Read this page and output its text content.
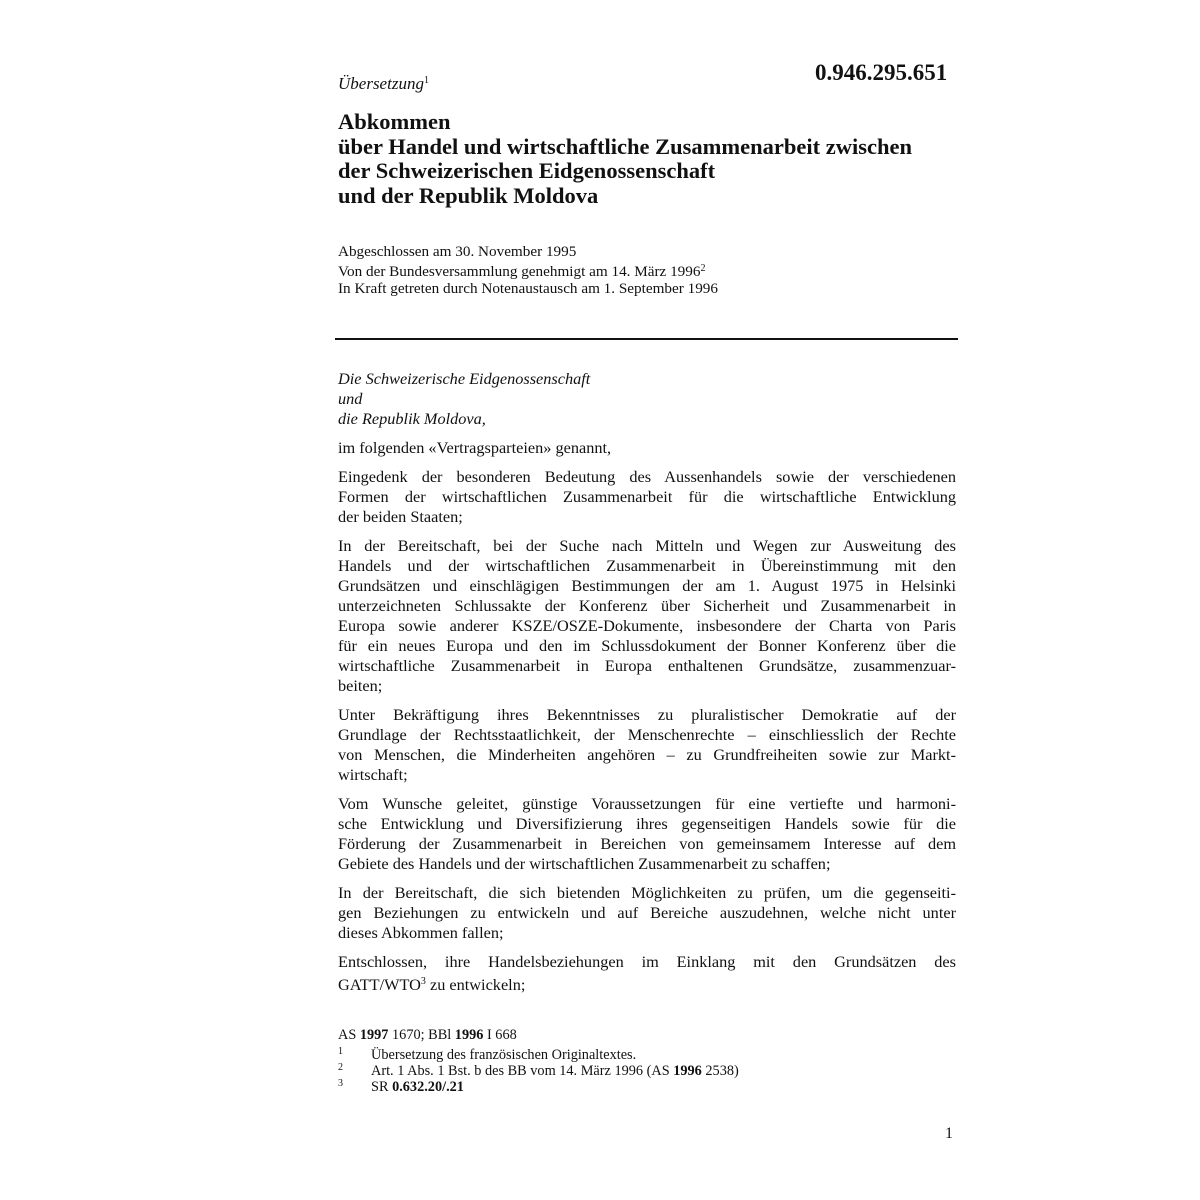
Übersetzung$^1$	0.946.295.651
Abkommen
über Handel und wirtschaftliche Zusammenarbeit zwischen
der Schweizerischen Eidgenossenschaft
und der Republik Moldova
Abgeschlossen am 30. November 1995
Von der Bundesversammlung genehmigt am 14. März 1996$^2$
In Kraft getreten durch Notenaustausch am 1. September 1996
Die Schweizerische Eidgenossenschaft
und
die Republik Moldova,

im folgenden «Vertragsparteien» genannt,

Eingedenk der besonderen Bedeutung des Aussenhandels sowie der verschiedenen
Formen der wirtschaftlichen Zusammenarbeit für die wirtschaftliche Entwicklung
der beiden Staaten;

In der Bereitschaft, bei der Suche nach Mitteln und Wegen zur Ausweitung des
Handels und der wirtschaftlichen Zusammenarbeit in Übereinstimmung mit den
Grundsätzen und einschlägigen Bestimmungen der am 1. August 1975 in Helsinki
unterzeichneten Schlussakte der Konferenz über Sicherheit und Zusammenarbeit in
Europa sowie anderer KSZE/OSZE-Dokumente, insbesondere der Charta von Paris
für ein neues Europa und den im Schlussdokument der Bonner Konferenz über die
wirtschaftliche Zusammenarbeit in Europa enthaltenen Grundsätze, zusammenzuar-
beiten;

Unter Bekräftigung ihres Bekenntnisses zu pluralistischer Demokratie auf der
Grundlage der Rechtsstaatlichkeit, der Menschenrechte – einschliesslich der Rechte
von Menschen, die Minderheiten angehören – zu Grundfreiheiten sowie zur Markt-
wirtschaft;

Vom Wunsche geleitet, günstige Voraussetzungen für eine vertiefte und harmoni-
sche Entwicklung und Diversifizierung ihres gegenseitigen Handels sowie für die
Förderung der Zusammenarbeit in Bereichen von gemeinsamem Interesse auf dem
Gebiete des Handels und der wirtschaftlichen Zusammenarbeit zu schaffen;

In der Bereitschaft, die sich bietenden Möglichkeiten zu prüfen, um die gegenseiti-
gen Beziehungen zu entwickeln und auf Bereiche auszudehnen, welche nicht unter
dieses Abkommen fallen;

Entschlossen, ihre Handelsbeziehungen im Einklang mit den Grundsätzen des
GATT/WTO$^3$ zu entwickeln;

AS 1997 1670; BBl 1996 I 668
1 Übersetzung des französischen Originaltextes.
2 Art. 1 Abs. 1 Bst. b des BB vom 14. März 1996 (AS 1996 2538)
3 SR 0.632.20/.21
1
